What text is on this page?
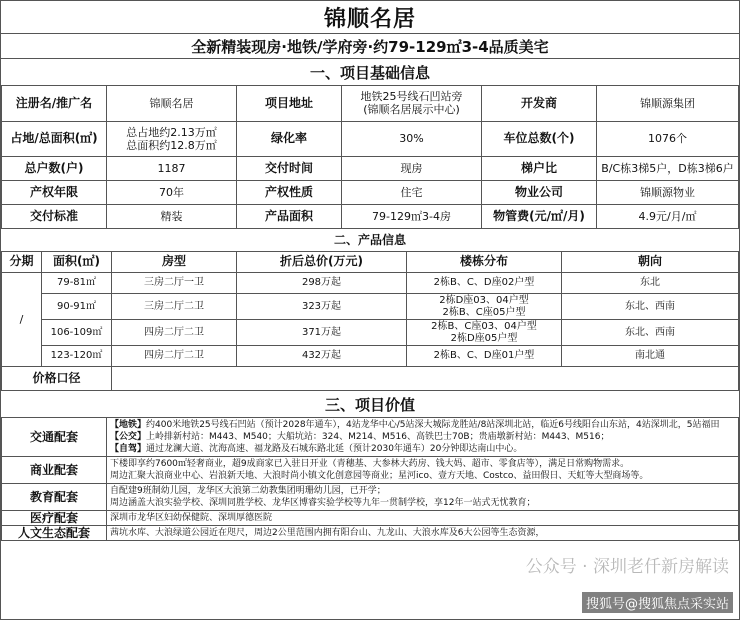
锦顺名居
全新精装现房·地铁/学府旁·约79-129㎡3-4品质美宅
一、项目基础信息
注册名/推广名	锦顺名居	项目地址	地铁25号线石凹站旁
(锦顺名居展示中心)	开发商	锦顺源集团
占地/总面积(㎡)	总占地约2.13万㎡
总面积约12.8万㎡	绿化率	30%	车位总数(个)	1076个
总户数(户)	1187	交付时间	现房	梯户比	B/C栋3梯5户，D栋3梯6户
产权年限	70年	产权性质	住宅	物业公司	锦顺源物业
交付标准	精装	产品面积	79-129㎡3-4房	物管费(元/㎡/月)	4.9元/月/㎡
二、产品信息
分期	面积(㎡)	房型	折后总价(万元)	楼栋分布	朝向
/	79-81㎡	三房二厅一卫	298万起	2栋B、C、D座02户型	东北
	90-91㎡	三房二厅二卫	323万起	2栋D座03、04户型
2栋B、C座05户型	东北、西南
	106-109㎡	四房二厅二卫	371万起	2栋B、C座03、04户型
2栋D座05户型	东北、西南
	123-120㎡	四房二厅二卫	432万起	2栋B、C、D座01户型	南北通
价格口径					
三、项目价值
交通配套	【地铁】约400米地铁25号线石凹站（预计2028年通车），4站龙华中心/5站深大城际龙胜站/8站深圳北站，临近6号线阳台山东站，4站深圳北，5站福田
【公交】上岭排新村站：M443、M540；大船坑站：324、M214、M516、高铁巴士70B；贵庙墩新村站：M443、M516；
【自驾】通过龙澜大道、沈海高速、福龙路及石城东路北延（预计2030年通车）20分钟即达南山中心。

商业配套	下楼即享约7600㎡轻奢商业，超9成商家已入驻日开业（青穗基、大参林大药房、钱大妈、超市、零食店等），满足日常购物需求。
周边汇聚大浪商业中心、岩浪新天地、大浪时尚小镇文化创意园等商业；星河ico、壹方天地、Costco、益田假日、天虹等大型商场等。

教育配套	自配建9班制幼儿园，龙华区大浪第二幼教集团明珊幼儿园，已开学；
周边涵盖大浪实验学校、深圳同胜学校、龙华区博睿实验学校等九年一贯制学校，享12年一站式无忧教育；

医疗配套	深圳市龙华区妇幼保健院、深圳厚德医院

人文生态配套	茜坑水库、大浪绿道公园近在咫尺，周边2公里范围内拥有阳台山、九龙山、大浪水库及6大公园等生态资源，
公众号 · 深圳老仟新房解读
搜狐号@搜狐焦点采实站
